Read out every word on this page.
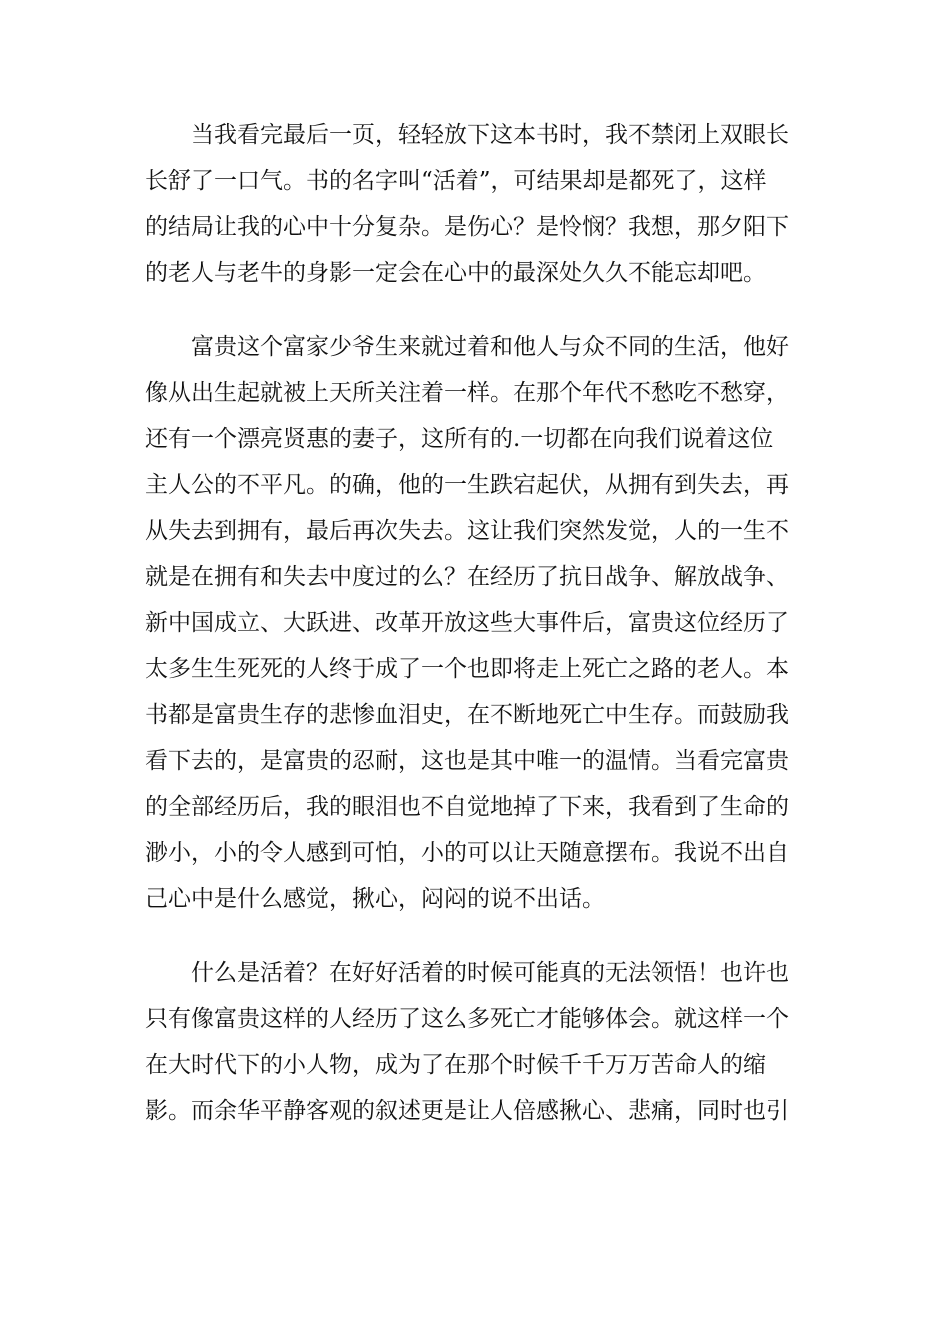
当我看完最后一页，轻轻放下这本书时，我不禁闭上双眼长
长舒了一口气。书的名字叫“活着”，可结果却是都死了，这样
的结局让我的心中十分复杂。是伤心？是怜悯？我想，那夕阳下
的老人与老牛的身影一定会在心中的最深处久久不能忘却吧。
富贵这个富家少爷生来就过着和他人与众不同的生活，他好
像从出生起就被上天所关注着一样。在那个年代不愁吃不愁穿，
还有一个漂亮贤惠的妻子，这所有的.一切都在向我们说着这位
主人公的不平凡。的确，他的一生跌宕起伏，从拥有到失去，再
从失去到拥有，最后再次失去。这让我们突然发觉，人的一生不
就是在拥有和失去中度过的么？在经历了抗日战争、解放战争、
新中国成立、大跃进、改革开放这些大事件后，富贵这位经历了
太多生生死死的人终于成了一个也即将走上死亡之路的老人。本
书都是富贵生存的悲惨血泪史，在不断地死亡中生存。而鼓励我
看下去的，是富贵的忍耐，这也是其中唯一的温情。当看完富贵
的全部经历后，我的眼泪也不自觉地掉了下来，我看到了生命的
渺小，小的令人感到可怕，小的可以让天随意摆布。我说不出自
己心中是什么感觉，揪心，闷闷的说不出话。
什么是活着？在好好活着的时候可能真的无法领悟！也许也
只有像富贵这样的人经历了这么多死亡才能够体会。就这样一个
在大时代下的小人物，成为了在那个时候千千万万苦命人的缩
影。而余华平静客观的叙述更是让人倍感揪心、悲痛，同时也引
